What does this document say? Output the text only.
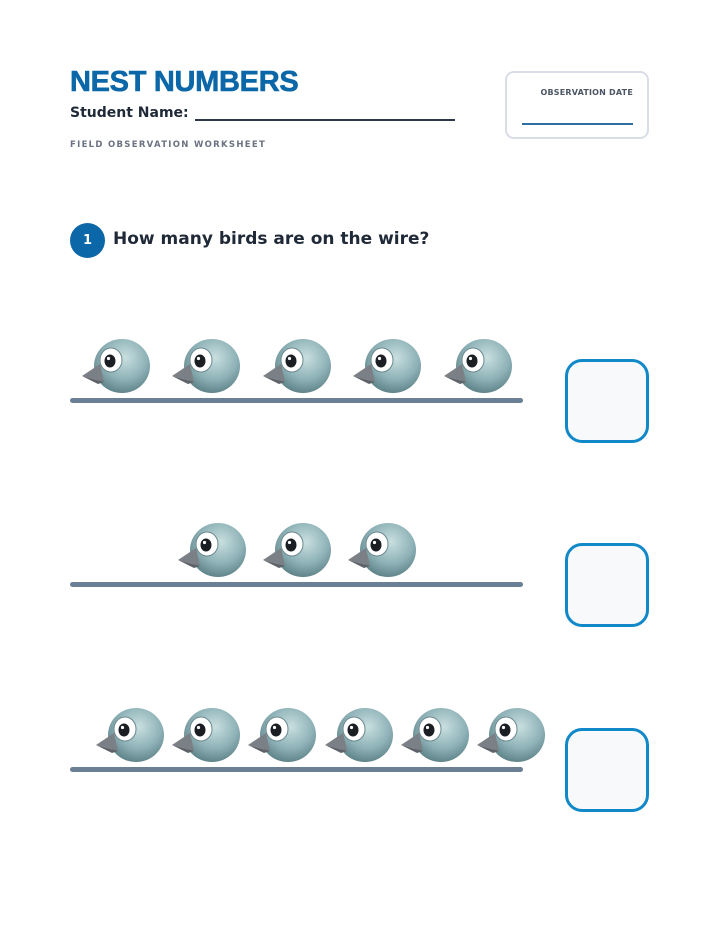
NEST NUMBERS
Student Name:
FIELD OBSERVATION WORKSHEET
OBSERVATION DATE
1	How many birds are on the wire?
